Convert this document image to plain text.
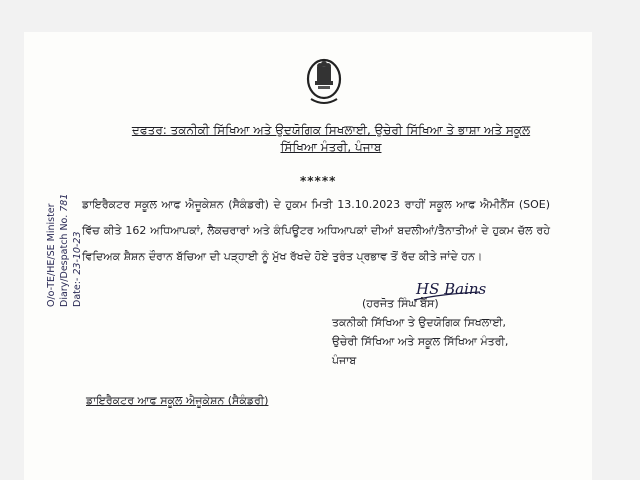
ਦਫਤਰ: ਤਕਨੀਕੀ ਸਿੱਖਿਆ ਅਤੇ ਉਦਯੋਗਿਕ ਸਿਖਲਾਈ, ਉਚੇਰੀ ਸਿੱਖਿਆ ਤੇ ਭਾਸ਼ਾ ਅਤੇ ਸਕੂਲ
ਸਿੱਖਿਆ ਮੰਤਰੀ, ਪੰਜਾਬ
*****
O/o-TE/HE/SE Minister Diary/Despatch No. 781
Date:- 23-10-23
ਡਾਇਰੈਕਟਰ ਸਕੂਲ ਆਫ ਐਜੂਕੇਸ਼ਨ (ਸੈਕੰਡਰੀ) ਦੇ ਹੁਕਮ ਮਿਤੀ 13.10.2023 ਰਾਹੀਂ ਸਕੂਲ ਆਫ ਐਮੀਨੈਂਸ (SOE) ਵਿੱਚ ਕੀਤੇ 162 ਅਧਿਆਪਕਾਂ, ਲੈਕਚਰਾਰਾਂ ਅਤੇ ਕੰਪਿਊਟਰ ਅਧਿਆਪਕਾਂ ਦੀਆਂ ਬਦਲੀਆਂ/ਤੈਨਾਤੀਆਂ ਦੇ ਹੁਕਮ ਚੱਲ ਰਹੇ ਵਿਦਿਅਕ ਸ਼ੈਸ਼ਨ ਦੌਰਾਨ ਬੱਚਿਆ ਦੀ ਪੜ੍ਹਾਈ ਨੂੰ ਮੁੱਖ ਰੱਖਦੇ ਹੋਏ ਤੁਰੰਤ ਪ੍ਰਭਾਵ ਤੋਂ ਰੱਦ ਕੀਤੇ ਜਾਂਦੇ ਹਨ।
HS Bains
(ਹਰਜੋਤ ਸਿੰਘ ਬੈਂਸ)
ਤਕਨੀਕੀ ਸਿੱਖਿਆ ਤੇ ਉਦਯੋਗਿਕ ਸਿਖਲਾਈ,
ਉਚੇਰੀ ਸਿੱਖਿਆ ਅਤੇ ਸਕੂਲ ਸਿੱਖਿਆ ਮੰਤਰੀ,
ਪੰਜਾਬ
ਡਾਇਰੈਕਟਰ ਆਫ ਸਕੂਲ ਐਜੂਕੇਸ਼ਨ (ਸੈਕੰਡਰੀ)
